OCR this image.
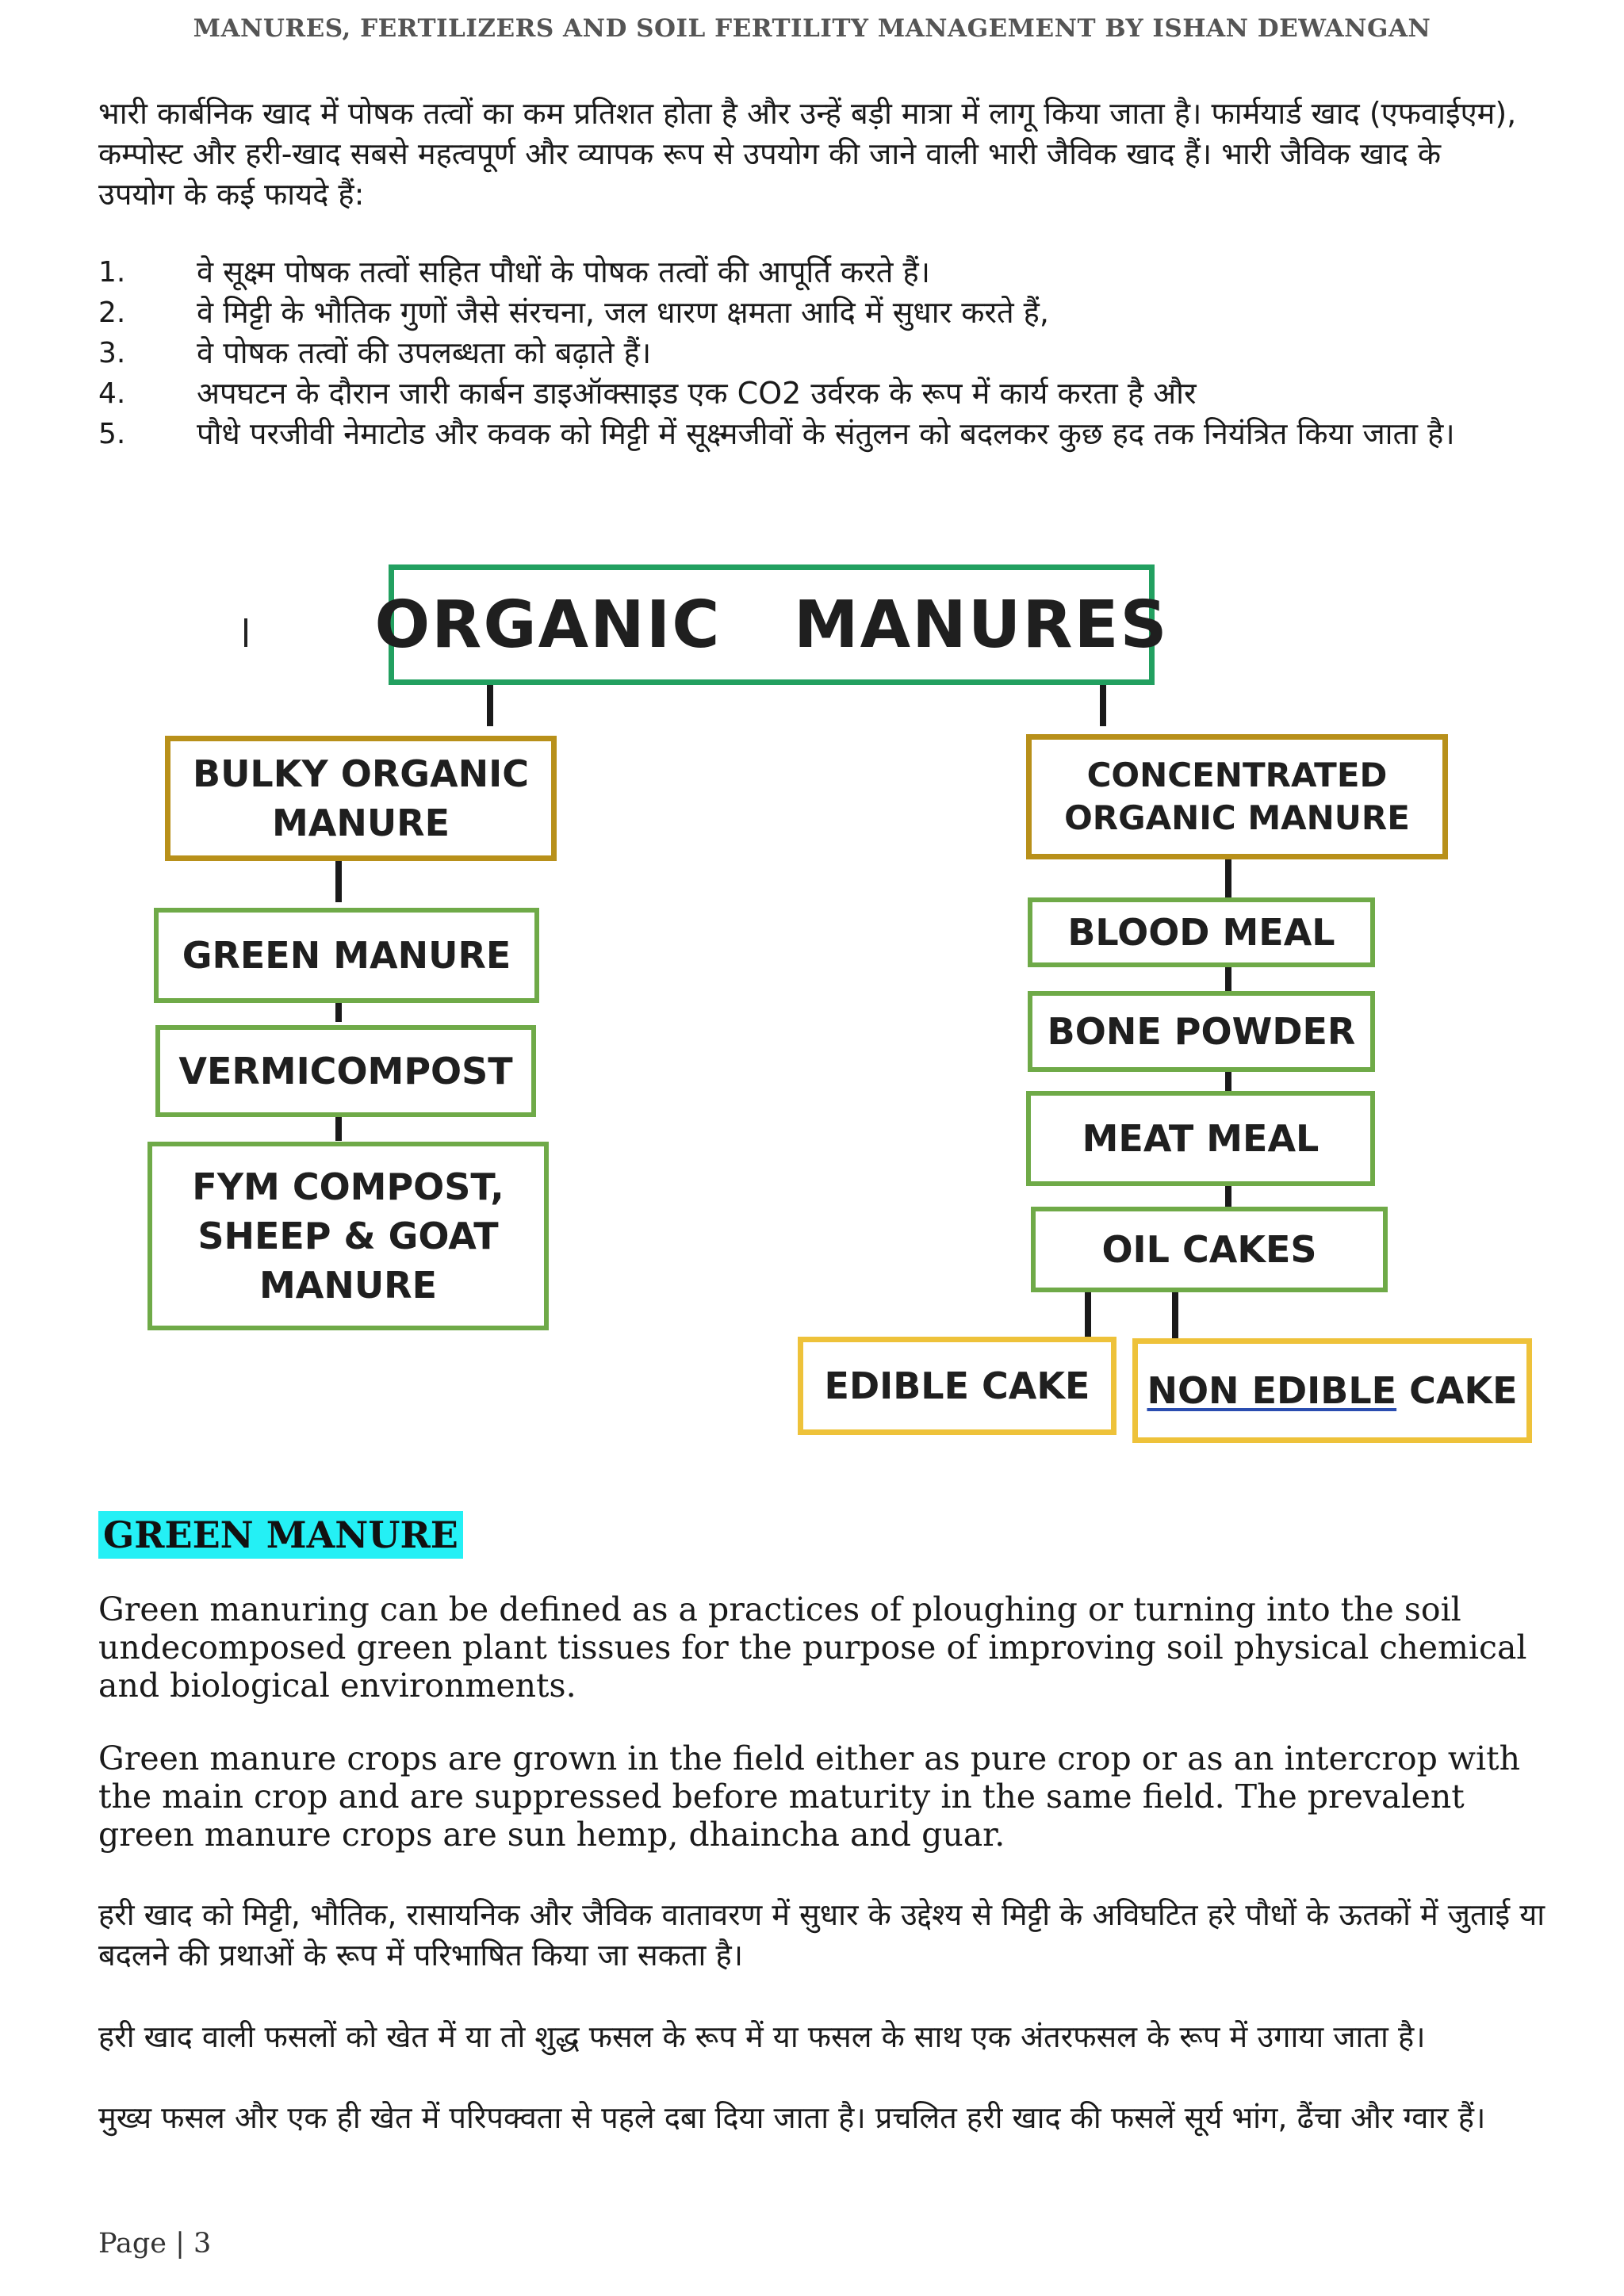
MANURES, FERTILIZERS AND SOIL FERTILITY MANAGEMENT BY ISHAN DEWANGAN

भारी कार्बनिक खाद में पोषक तत्वों का कम प्रतिशत होता है और उन्हें बड़ी मात्रा में लागू किया जाता है। फार्मयार्ड खाद (एफवाईएम), कम्पोस्ट और हरी-खाद सबसे महत्वपूर्ण और व्यापक रूप से उपयोग की जाने वाली भारी जैविक खाद हैं। भारी जैविक खाद के उपयोग के कई फायदे हैं:

1.	वे सूक्ष्म पोषक तत्वों सहित पौधों के पोषक तत्वों की आपूर्ति करते हैं।
2.	वे मिट्टी के भौतिक गुणों जैसे संरचना, जल धारण क्षमता आदि में सुधार करते हैं,
3.	वे पोषक तत्वों की उपलब्धता को बढ़ाते हैं।
4.	अपघटन के दौरान जारी कार्बन डाइऑक्साइड एक CO2 उर्वरक के रूप में कार्य करता है और
5.	पौधे परजीवी नेमाटोड और कवक को मिट्टी में सूक्ष्मजीवों के संतुलन को बदलकर कुछ हद तक नियंत्रित किया जाता है।
ORGANIC   MANURES
BULKY ORGANIC
MANURE
GREEN MANURE
VERMICOMPOST
FYM COMPOST,
SHEEP & GOAT
MANURE
CONCENTRATED
ORGANIC MANURE
BLOOD MEAL
BONE POWDER
MEAT MEAL
OIL CAKES
EDIBLE CAKE NON EDIBLE CAKE
GREEN MANURE

Green manuring can be defined as a practices of ploughing or turning into the soil undecomposed green plant tissues for the purpose of improving soil physical chemical and biological environments.

Green manure crops are grown in the field either as pure crop or as an intercrop with the main crop and are suppressed before maturity in the same field. The prevalent green manure crops are sun hemp, dhaincha and guar.

हरी खाद को मिट्टी, भौतिक, रासायनिक और जैविक वातावरण में सुधार के उद्देश्य से मिट्टी के अविघटित हरे पौधों के ऊतकों में जुताई या बदलने की प्रथाओं के रूप में परिभाषित किया जा सकता है।

हरी खाद वाली फसलों को खेत में या तो शुद्ध फसल के रूप में या फसल के साथ एक अंतरफसल के रूप में उगाया जाता है।

मुख्य फसल और एक ही खेत में परिपक्वता से पहले दबा दिया जाता है। प्रचलित हरी खाद की फसलें सूर्य भांग, ढैंचा और ग्वार हैं।

Page | 3
